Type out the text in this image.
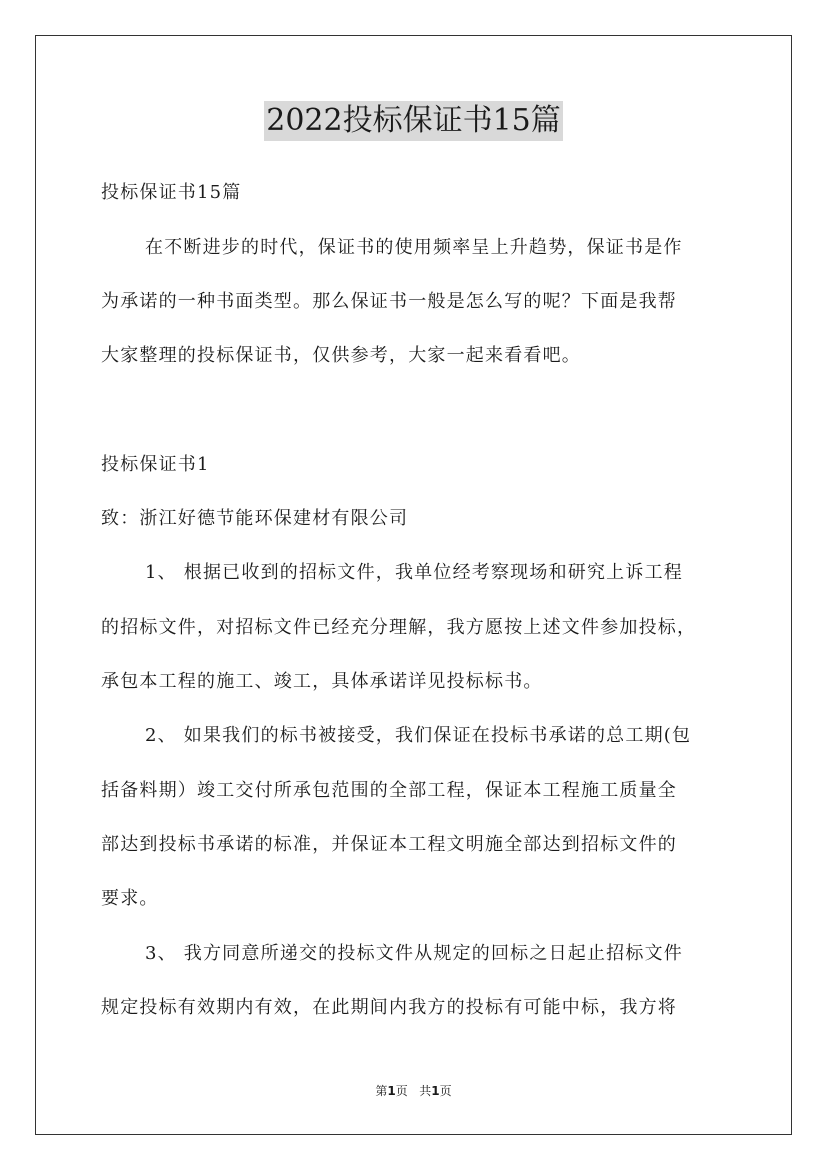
2022投标保证书15篇
投标保证书15篇
在不断进步的时代，保证书的使用频率呈上升趋势，保证书是作
为承诺的一种书面类型。那么保证书一般是怎么写的呢？下面是我帮
大家整理的投标保证书，仅供参考，大家一起来看看吧。
投标保证书1
致：浙江好德节能环保建材有限公司
1、 根据已收到的招标文件，我单位经考察现场和研究上诉工程
的招标文件，对招标文件已经充分理解，我方愿按上述文件参加投标，
承包本工程的施工、竣工，具体承诺详见投标标书。
2、 如果我们的标书被接受，我们保证在投标书承诺的总工期(包
括备料期）竣工交付所承包范围的全部工程，保证本工程施工质量全
部达到投标书承诺的标准，并保证本工程文明施全部达到招标文件的
要求。
3、 我方同意所递交的投标文件从规定的回标之日起止招标文件
规定投标有效期内有效，在此期间内我方的投标有可能中标，我方将
第1页 共1页
